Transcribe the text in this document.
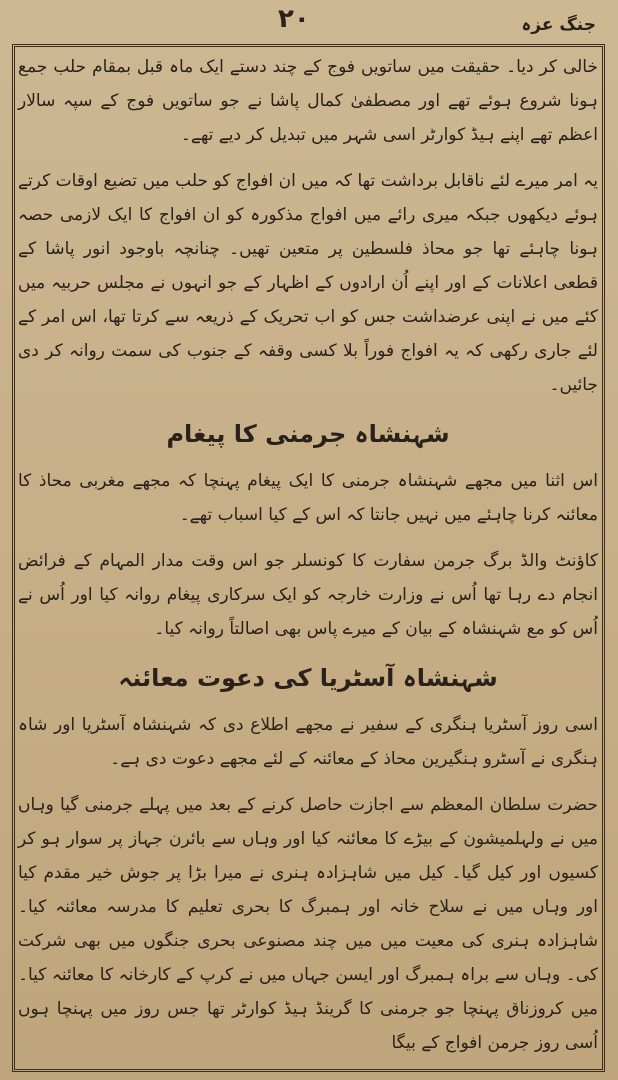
۲۰	جنگ عزہ

خالی کر دیا۔ حقیقت میں ساتویں فوج کے چند دستے ایک ماہ قبل بمقام حلب جمع ہونا شروع ہوئے تھے اور مصطفیٰ کمال پاشا نے جو ساتویں فوج کے سپہ سالار اعظم تھے اپنے ہیڈ کوارٹر اسی شہر میں تبدیل کر دیے تھے۔

یہ امر میرے لئے ناقابل برداشت تھا کہ میں ان افواج کو حلب میں تضیع اوقات کرتے ہوئے دیکھوں جبکہ میری رائے میں افواج مذکورہ کو ان افواج کا ایک لازمی حصہ ہونا چاہئے تھا جو محاذ فلسطین پر متعین تھیں۔ چنانچہ باوجود انور پاشا کے قطعی اعلانات کے اور اپنے اُن ارادوں کے اظہار کے جو انہوں نے مجلس حربیہ میں کئے میں نے اپنی عرضداشت جس کو اب تحریک کے ذریعہ سے کرتا تھا، اس امر کے لئے جاری رکھی کہ یہ افواج فوراً بلا کسی وقفہ کے جنوب کی سمت روانہ کر دی جائیں۔

شہنشاہ جرمنی کا پیغام

اس اثنا میں مجھے شہنشاہ جرمنی کا ایک پیغام پہنچا کہ مجھے مغربی محاذ کا معائنہ کرنا چاہئے میں نہیں جانتا کہ اس کے کیا اسباب تھے۔

کاؤنٹ والڈ برگ جرمن سفارت کا کونسلر جو اس وقت مدار المہام کے فرائض انجام دے رہا تھا اُس نے وزارت خارجہ کو ایک سرکاری پیغام روانہ کیا اور اُس نے اُس کو مع شہنشاہ کے بیان کے میرے پاس بھی اصالتاً روانہ کیا۔

شہنشاہ آسٹریا کی دعوت معائنہ

اسی روز آسٹریا ہنگری کے سفیر نے مجھے اطلاع دی کہ شہنشاہ آسٹریا اور شاہ ہنگری نے آسٹرو ہنگیرین محاذ کے معائنہ کے لئے مجھے دعوت دی ہے۔

حضرت سلطان المعظم سے اجازت حاصل کرنے کے بعد میں پہلے جرمنی گیا وہاں میں نے ولہلمیشون کے بیڑے کا معائنہ کیا اور وہاں سے بائرن جہاز پر سوار ہو کر کسیوں اور کیل گیا۔ کیل میں شاہزادہ ہنری نے میرا بڑا پر جوش خیر مقدم کیا اور وہاں میں نے سلاح خانہ اور ہمبرگ کا بحری تعلیم کا مدرسہ معائنہ کیا۔ شاہزادہ ہنری کی معیت میں میں چند مصنوعی بحری جنگوں میں بھی شرکت کی۔ وہاں سے براہ ہمبرگ اور ایسن جہاں میں نے کرپ کے کارخانہ کا معائنہ کیا۔ میں کروزناق پہنچا جو جرمنی کا گرینڈ ہیڈ کوارٹر تھا جس روز میں پہنچا ہوں اُسی روز جرمن افواج کے بیگا
